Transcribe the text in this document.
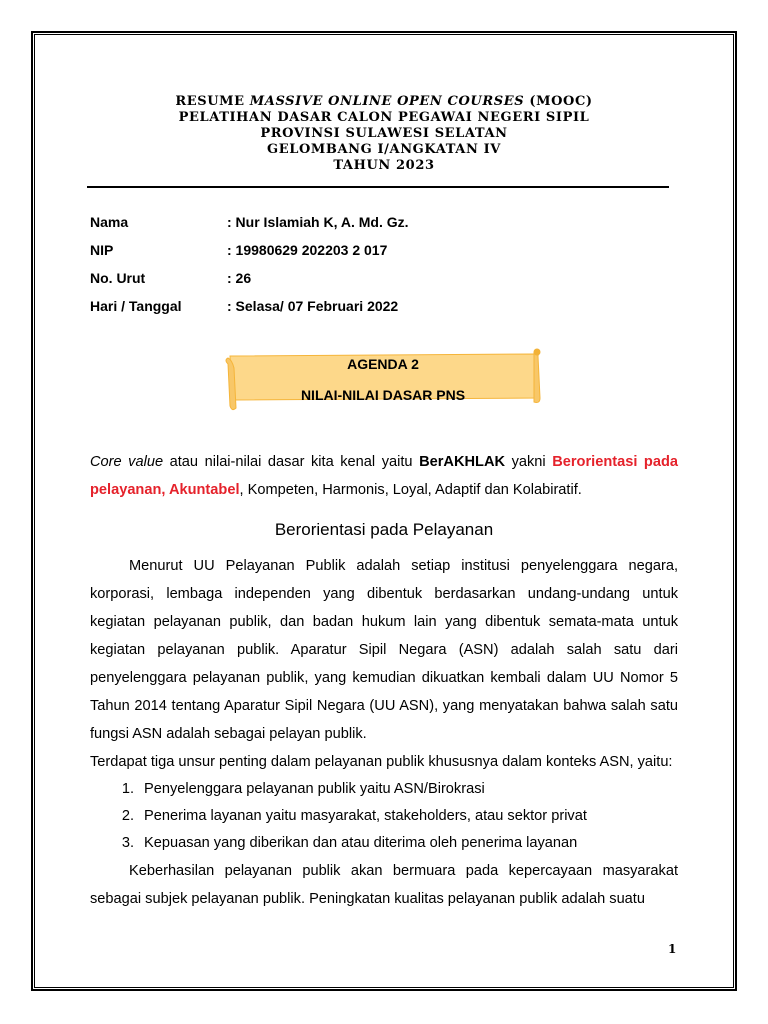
RESUME MASSIVE ONLINE OPEN COURSES (MOOC)
PELATIHAN DASAR CALON PEGAWAI NEGERI SIPIL
PROVINSI SULAWESI SELATAN
GELOMBANG I/ANGKATAN IV
TAHUN 2023
Nama	: Nur Islamiah K, A. Md. Gz.
NIP	: 19980629 202203 2 017
No. Urut	: 26
Hari / Tanggal	: Selasa/ 07 Februari 2022
AGENDA 2
NILAI-NILAI DASAR PNS

Core value atau nilai-nilai dasar kita kenal yaitu BerAKHLAK yakni Berorientasi pada pelayanan, Akuntabel, Kompeten, Harmonis, Loyal, Adaptif dan Kolabiratif.

Berorientasi pada Pelayanan

Menurut UU Pelayanan Publik adalah setiap institusi penyelenggara negara, korporasi, lembaga independen yang dibentuk berdasarkan undang-undang untuk kegiatan pelayanan publik, dan badan hukum lain yang dibentuk semata-mata untuk kegiatan pelayanan publik. Aparatur Sipil Negara (ASN) adalah salah satu dari penyelenggara pelayanan publik, yang kemudian dikuatkan kembali dalam UU Nomor 5 Tahun 2014 tentang Aparatur Sipil Negara (UU ASN), yang menyatakan bahwa salah satu fungsi ASN adalah sebagai pelayan publik.

Terdapat tiga unsur penting dalam pelayanan publik khususnya dalam konteks ASN, yaitu:

1. Penyelenggara pelayanan publik yaitu ASN/Birokrasi
2. Penerima layanan yaitu masyarakat, stakeholders, atau sektor privat
3. Kepuasan yang diberikan dan atau diterima oleh penerima layanan

Keberhasilan pelayanan publik akan bermuara pada kepercayaan masyarakat sebagai subjek pelayanan publik. Peningkatan kualitas pelayanan publik adalah suatu

1
